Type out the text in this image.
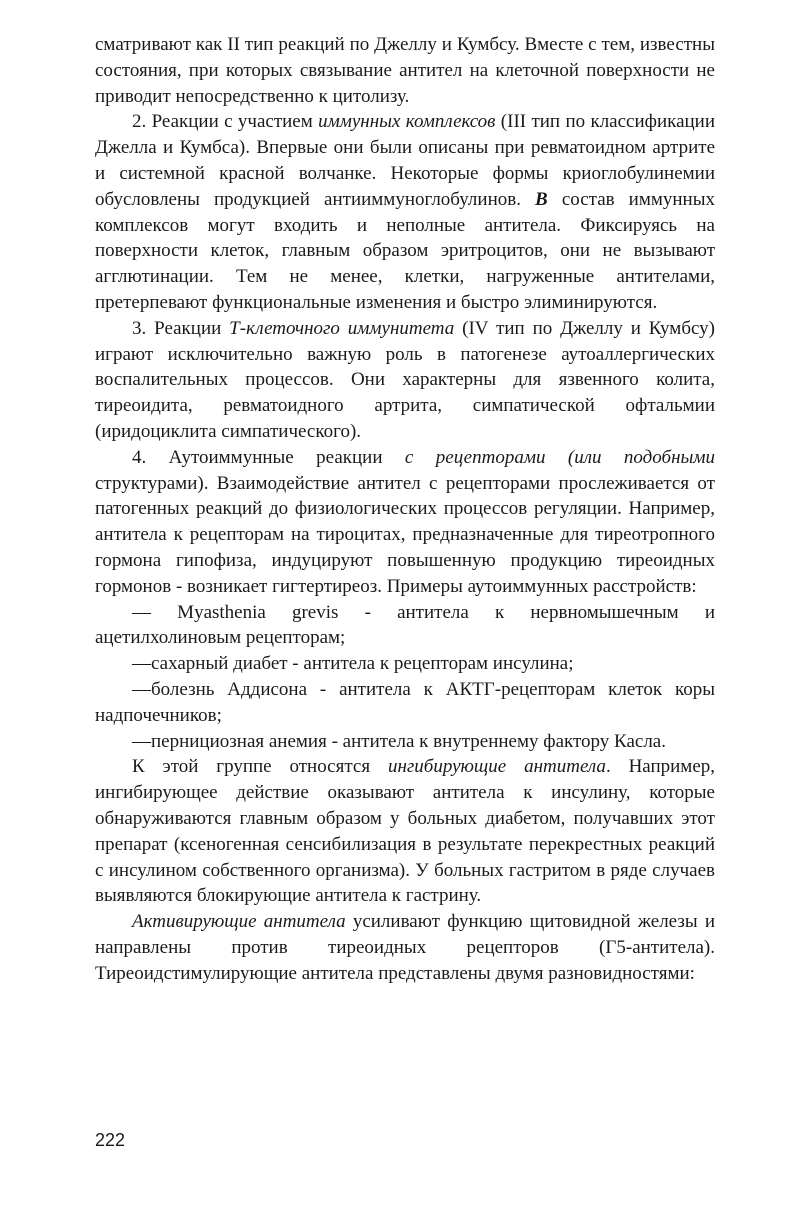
сматривают как II тип реакций по Джеллу и Кумбсу. Вместе с тем, известны состояния, при которых связывание антител на клеточной поверхности не приводит непосредственно к цитолизу.

2. Реакции с участием иммунных комплексов (III тип по классификации Джелла и Кумбса). Впервые они были описаны при ревматоидном артрите и системной красной волчанке. Некоторые формы криоглобулинемии обусловлены продукцией антииммуноглобулинов. В состав иммунных комплексов могут входить и неполные антитела. Фиксируясь на поверхности клеток, главным образом эритроцитов, они не вызывают агглютинации. Тем не менее, клетки, нагруженные антителами, претерпевают функциональные изменения и быстро элиминируются.

3. Реакции Т-клеточного иммунитета (IV тип по Джеллу и Кумбсу) играют исключительно важную роль в патогенезе аутоаллергических воспалительных процессов. Они характерны для язвенного колита, тиреоидита, ревматоидного артрита, симпатической офтальмии (иридоциклита симпатического).

4. Аутоиммунные реакции с рецепторами (или подобными структурами). Взаимодействие антител с рецепторами прослеживается от патогенных реакций до физиологических процессов регуляции. Например, антитела к рецепторам на тироцитах, предназначенные для тиреотропного гормона гипофиза, индуцируют повышенную продукцию тиреоидных гормонов - возникает гигтертиреоз. Примеры аутоиммунных расстройств:

— Myasthenia grevis - антитела к нервномышечным и ацетилхолиновым рецепторам;

—сахарный диабет - антитела к рецепторам инсулина;

—болезнь Аддисона - антитела к АКТГ-рецепторам клеток коры надпочечников;

—пернициозная анемия - антитела к внутреннему фактору Касла.

К этой группе относятся ингибирующие антитела. Например, ингибирующее действие оказывают антитела к инсулину, которые обнаруживаются главным образом у больных диабетом, получавших этот препарат (ксеногенная сенсибилизация в результате перекрестных реакций с инсулином собственного организма). У больных гастритом в ряде случаев выявляются блокирующие антитела к гастрину.

Активирующие антитела усиливают функцию щитовидной железы и направлены против тиреоидных рецепторов (Г5-антитела). Тиреоидстимулирующие антитела представлены двумя разновидностями:

222
